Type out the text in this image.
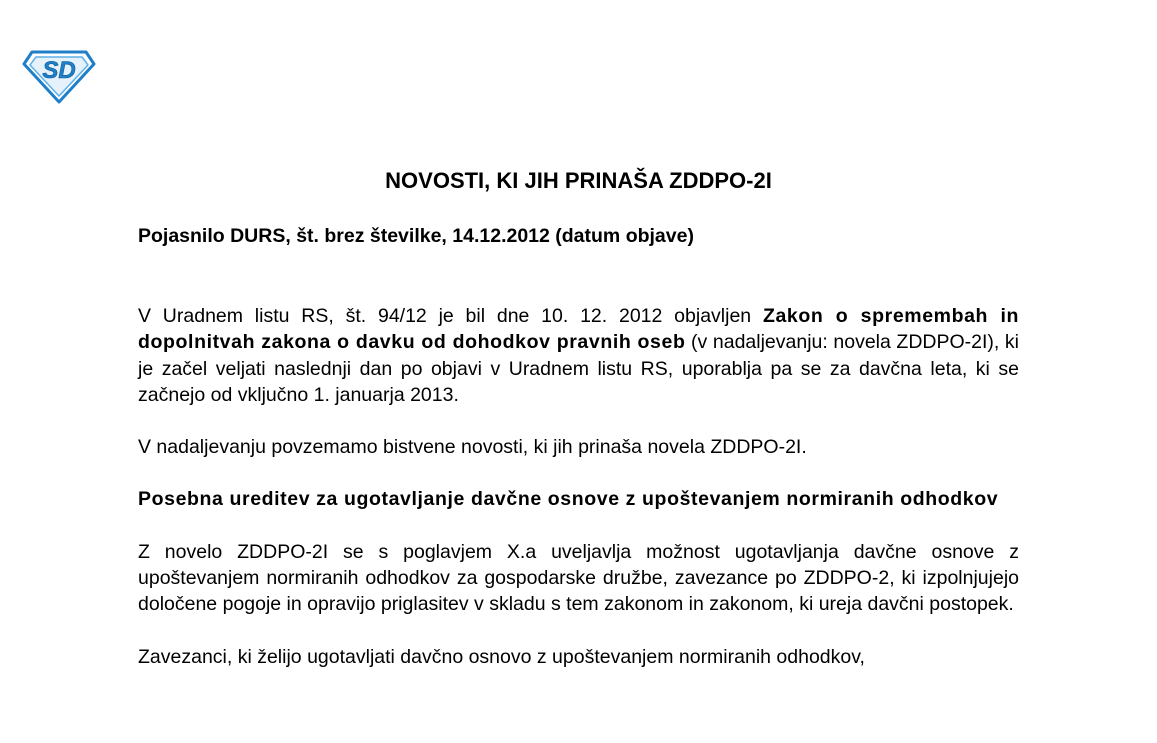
SD
NOVOSTI, KI JIH PRINAŠA ZDDPO-2I
Pojasnilo DURS, št. brez številke, 14.12.2012 (datum objave)

V Uradnem listu RS, št. 94/12 je bil dne 10. 12. 2012 objavljen Zakon o spremembah in dopolnitvah zakona o davku od dohodkov pravnih oseb (v nadaljevanju: novela ZDDPO-2I), ki je začel veljati naslednji dan po objavi v Uradnem listu RS, uporablja pa se za davčna leta, ki se začnejo od vključno 1. januarja 2013.

V nadaljevanju povzemamo bistvene novosti, ki jih prinaša novela ZDDPO-2I.

Posebna ureditev za ugotavljanje davčne osnove z upoštevanjem normiranih odhodkov

Z novelo ZDDPO-2I se s poglavjem X.a uveljavlja možnost ugotavljanja davčne osnove z upoštevanjem normiranih odhodkov za gospodarske družbe, zavezance po ZDDPO-2, ki izpolnjujejo določene pogoje in opravijo priglasitev v skladu s tem zakonom in zakonom, ki ureja davčni postopek.

Zavezanci, ki želijo ugotavljati davčno osnovo z upoštevanjem normiranih odhodkov,
